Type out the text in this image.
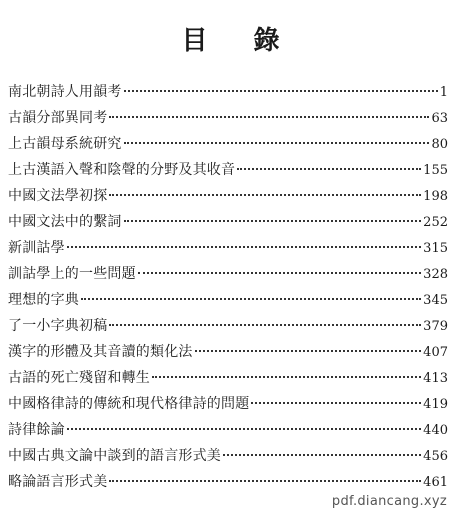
目 錄
南北朝詩人用韻考	1
古韻分部異同考	63
上古韻母系統研究	80
上古漢語入聲和陰聲的分野及其收音	155
中國文法學初探	198
中國文法中的繫詞	252
新訓詁學	315
訓詁學上的一些問題	328
理想的字典	345
了一小字典初稿	379
漢字的形體及其音讀的類化法	407
古語的死亡殘留和轉生	413
中國格律詩的傳統和現代格律詩的問題	419
詩律餘論	440
中國古典文論中談到的語言形式美	456
略論語言形式美	461
pdf.diancang.xyz
